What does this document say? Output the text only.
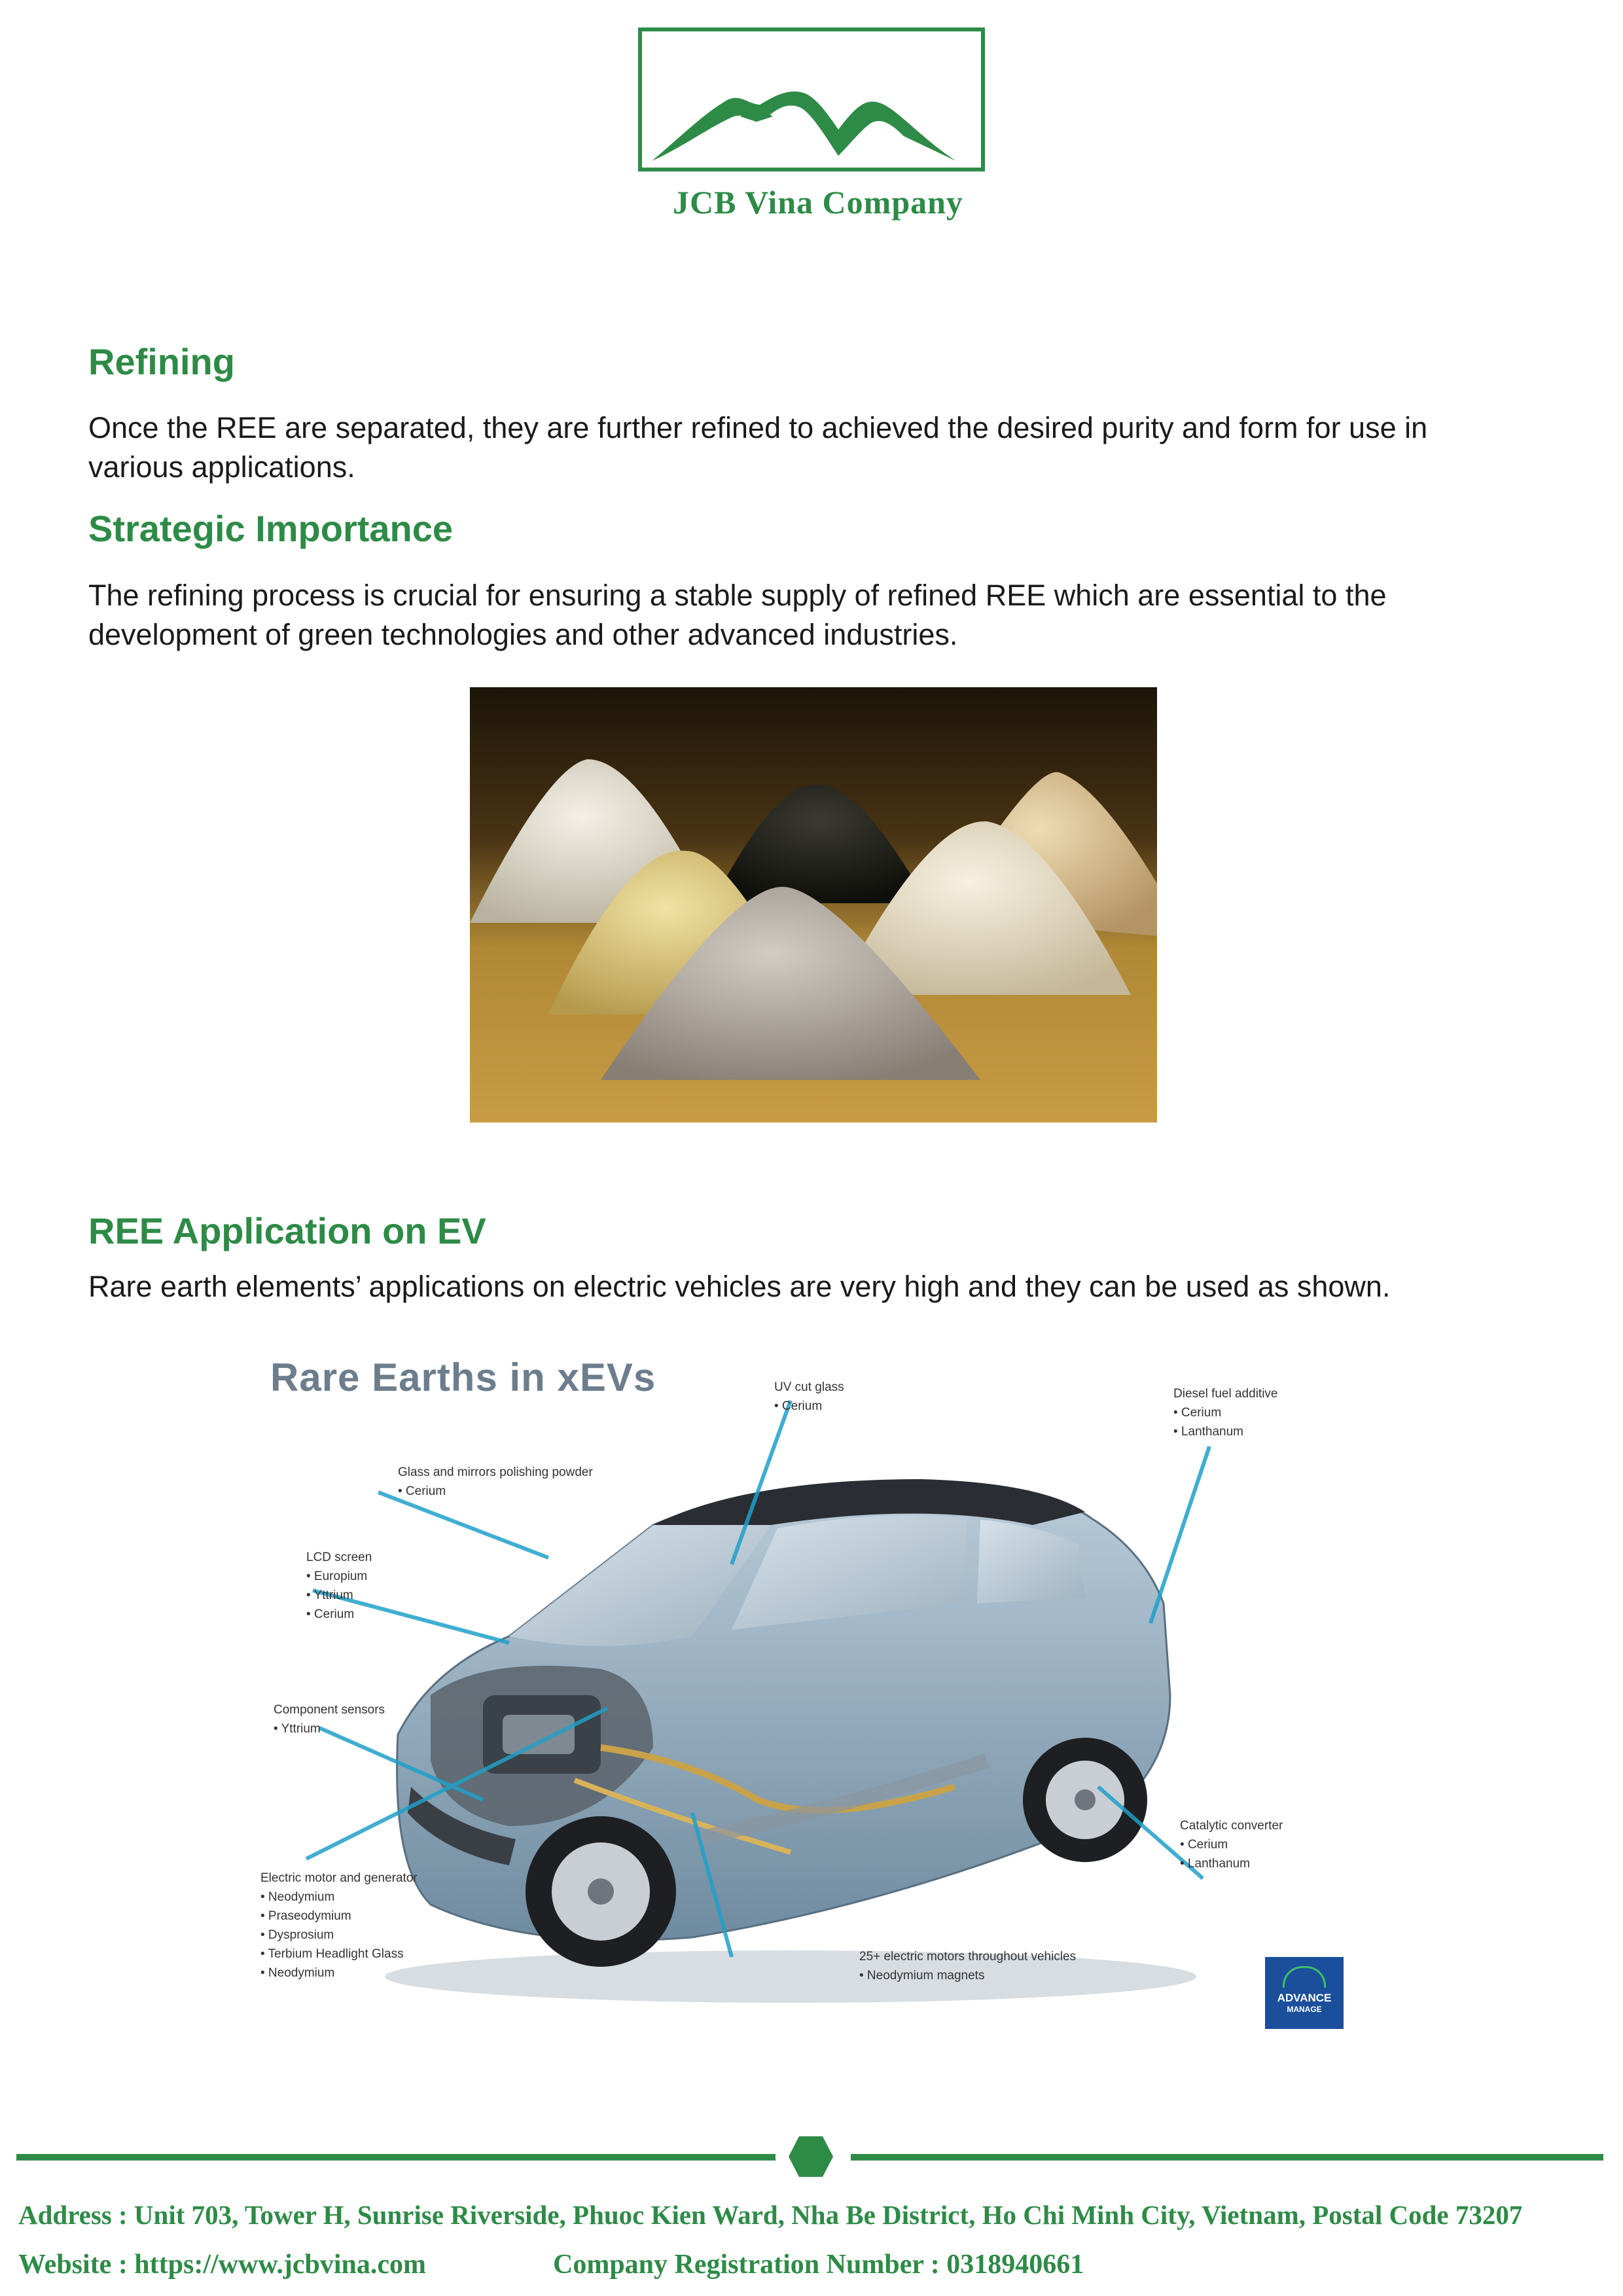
JCB Vina Company
Refining

Once the REE are separated, they are further refined to achieved the desired purity and form for use in various applications.

Strategic Importance

The refining process is crucial for ensuring a stable supply of refined REE which are essential to the development of green technologies and other advanced industries.

REE Application on EV

Rare earth elements’ applications on electric vehicles are very high and they can be used as shown.

Rare Earths in xEVs	UV cut glass
• Cerium
Diesel fuel additive
• Cerium
• Lanthanum
Glass and mirrors polishing powder
• Cerium
LCD screen
• Europium
• Yttrium
• Cerium
Component sensors
• Yttrium
Electric motor and generator
• Neodymium
• Praseodymium
• Dysprosium
• Terbium Headlight Glass
• Neodymium
Catalytic converter
• Cerium
• Lanthanum
25+ electric motors throughout vehicles
• Neodymium magnets
ADVANCE
MANAGE
Address : Unit 703, Tower H, Sunrise Riverside, Phuoc Kien Ward, Nha Be District, Ho Chi Minh City, Vietnam, Postal Code 73207
Website : https://www.jcbvina.com	Company Registration Number : 0318940661
